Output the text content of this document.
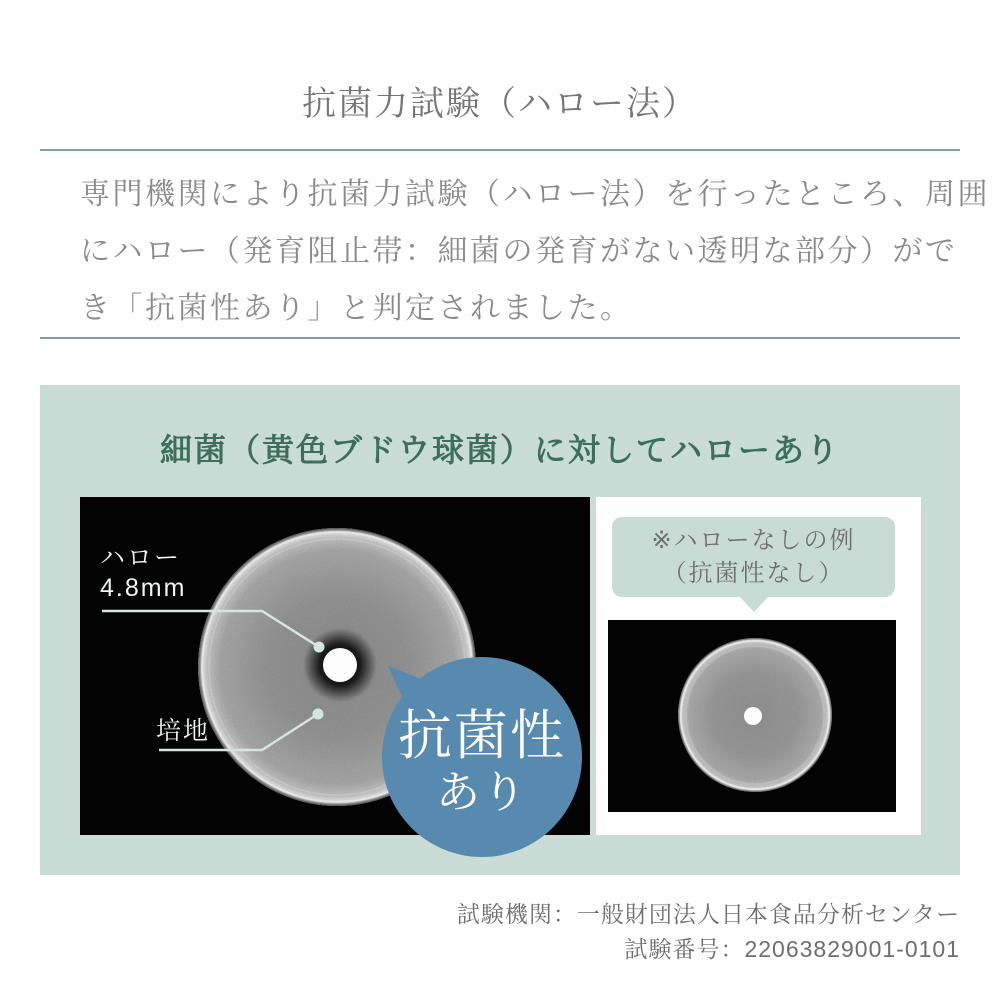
抗菌力試験（ハロー法）
専門機関により抗菌力試験（ハロー法）を行ったところ、周囲
にハロー（発育阻止帯：細菌の発育がない透明な部分）がで
き「抗菌性あり」と判定されました。
細菌（黄色ブドウ球菌）に対してハローあり
ハロー
4.8mm
培地	抗菌性
あり
※ハローなしの例
（抗菌性なし）
試験機関：一般財団法人日本食品分析センター
試験番号：22063829001-0101
